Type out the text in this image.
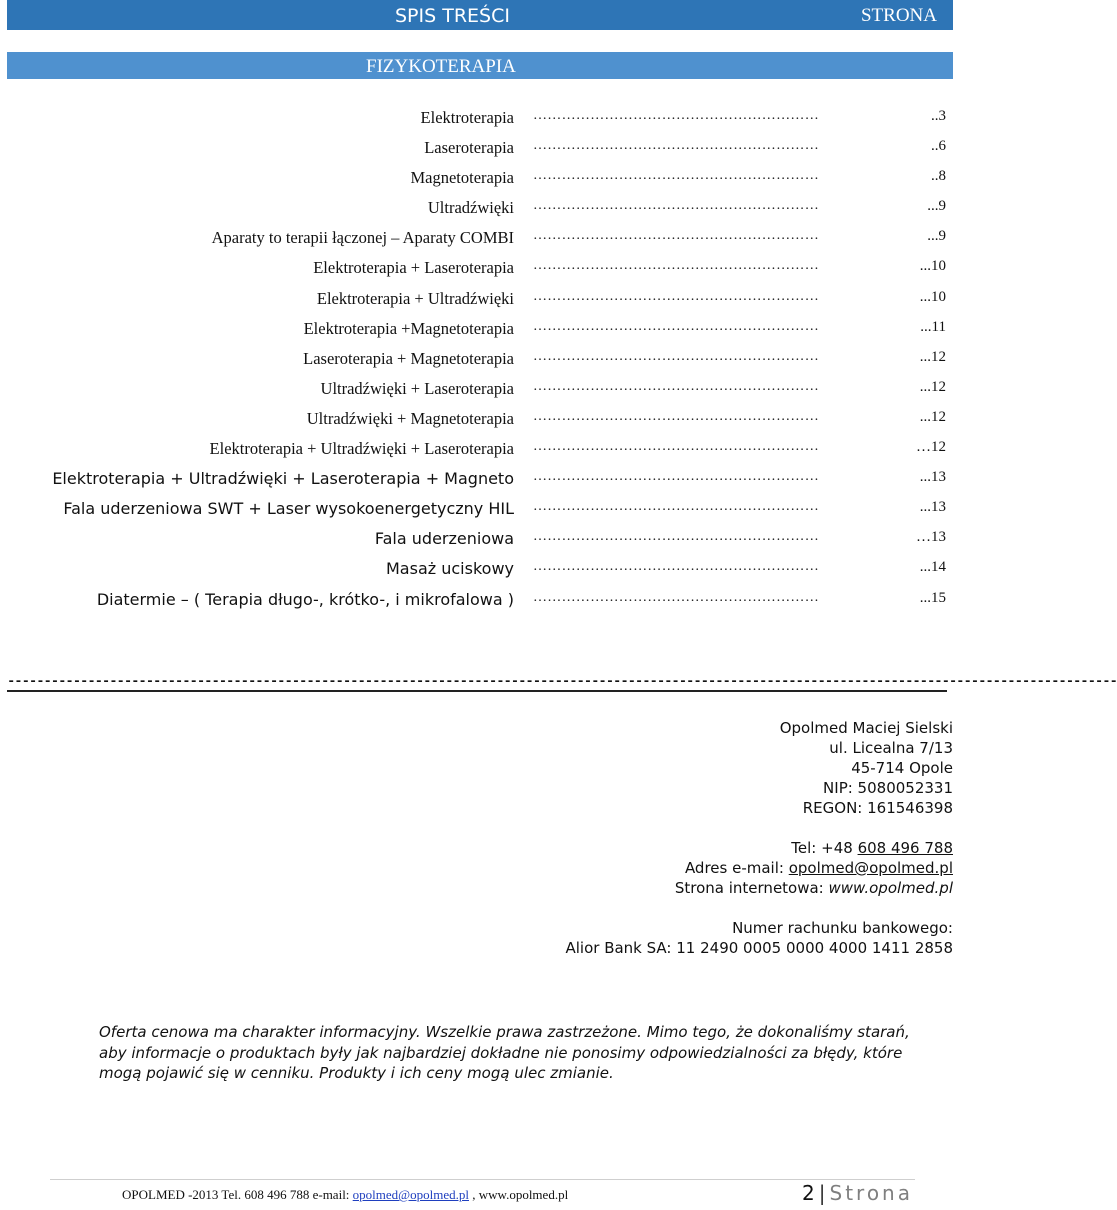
SPIS TREŚCI	STRONA
FIZYKOTERAPIA
Elektroterapia ……………………………………………………	..3
Laseroterapia ……………………………………………………	..6
Magnetoterapia ……………………………………………………	..8
Ultradźwięki ……………………………………………………	...9
Aparaty to terapii łączonej – Aparaty COMBI ……………………………………………………	...9
Elektroterapia + Laseroterapia ……………………………………………………	...10
Elektroterapia + Ultradźwięki ……………………………………………………	...10
Elektroterapia +Magnetoterapia ……………………………………………………	...11
Laseroterapia + Magnetoterapia ……………………………………………………	...12
Ultradźwięki + Laseroterapia ……………………………………………………	...12
Ultradźwięki + Magnetoterapia ……………………………………………………	...12
Elektroterapia + Ultradźwięki + Laseroterapia ……………………………………………………	…12
Elektroterapia + Ultradźwięki + Laseroterapia + Magneto ……………………………………………………	...13
Fala uderzeniowa SWT + Laser wysokoenergetyczny HIL ……………………………………………………	...13
Fala uderzeniowa ……………………………………………………	…13
Masaż uciskowy ……………………………………………………	...14
Diatermie – ( Terapia długo-, krótko-, i mikrofalowa ) ……………………………………………………	...15
--------------------------------------------------------------------------------------------------------------------------------------------------------
Opolmed Maciej Sielski
ul. Licealna 7/13
45-714 Opole
NIP: 5080052331
REGON: 161546398
Tel: +48 608 496 788
Adres e-mail: opolmed@opolmed.pl
Strona internetowa: www.opolmed.pl
Numer rachunku bankowego:
Alior Bank SA: 11 2490 0005 0000 4000 1411 2858
Oferta cenowa ma charakter informacyjny. Wszelkie prawa zastrzeżone. Mimo tego, że dokonaliśmy starań, aby informacje o produktach były jak najbardziej dokładne nie ponosimy odpowiedzialności za błędy, które mogą pojawić się w cenniku. Produkty i ich ceny mogą ulec zmianie.
OPOLMED -2013 Tel. 608 496 788 e-mail: opolmed@opolmed.pl , www.opolmed.pl	2 | Strona
